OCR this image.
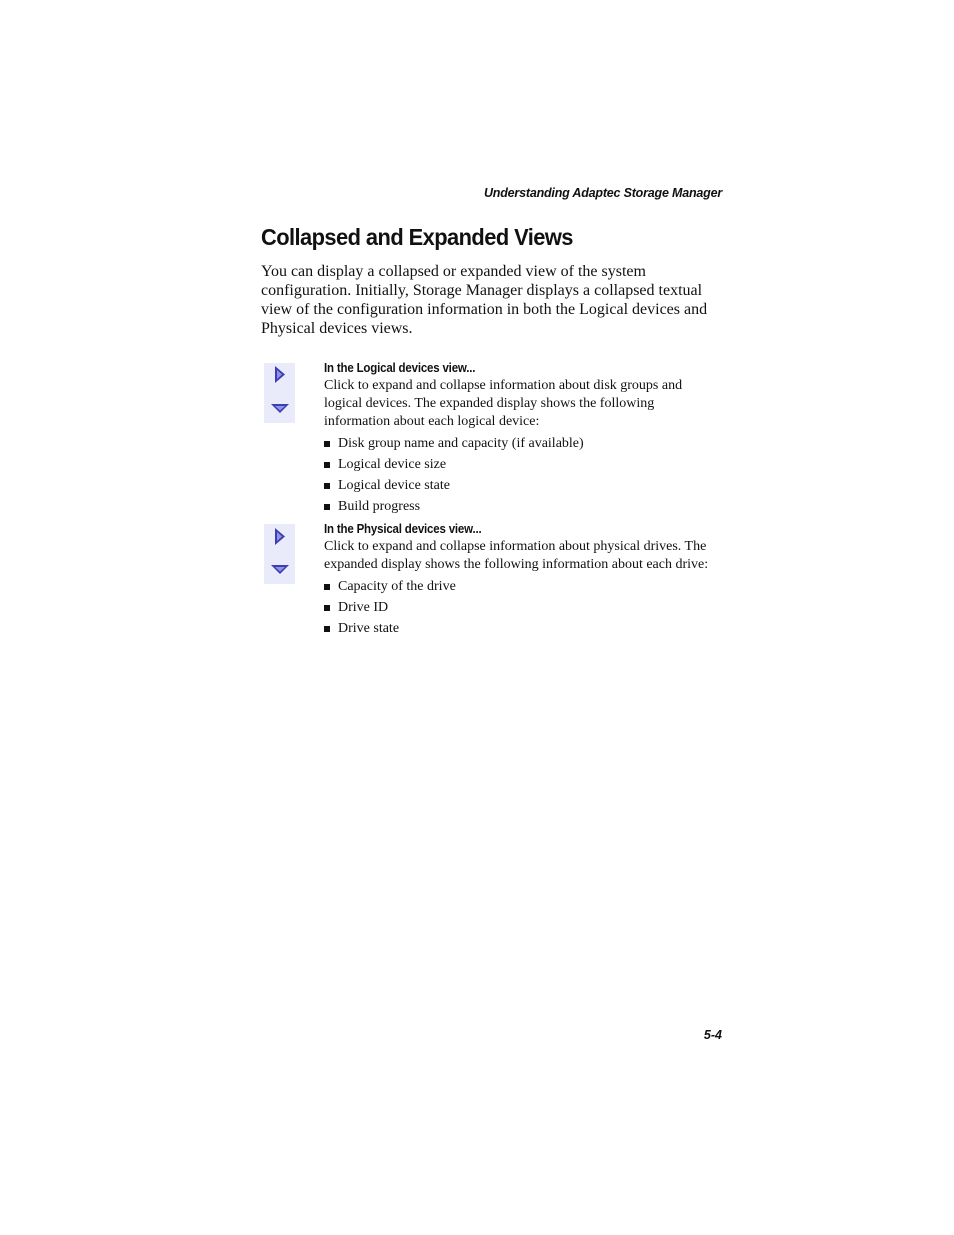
Understanding Adaptec Storage Manager
Collapsed and Expanded Views

You can display a collapsed or expanded view of the system configuration. Initially, Storage Manager displays a collapsed textual view of the configuration information in both the Logical devices and Physical devices views.

In the Logical devices view...

Click to expand and collapse information about disk groups and logical devices. The expanded display shows the following information about each logical device:

Disk group name and capacity (if available)
Logical device size
Logical device state
Build progress

In the Physical devices view...

Click to expand and collapse information about physical drives. The expanded display shows the following information about each drive:

Capacity of the drive
Drive ID
Drive state
5-4
